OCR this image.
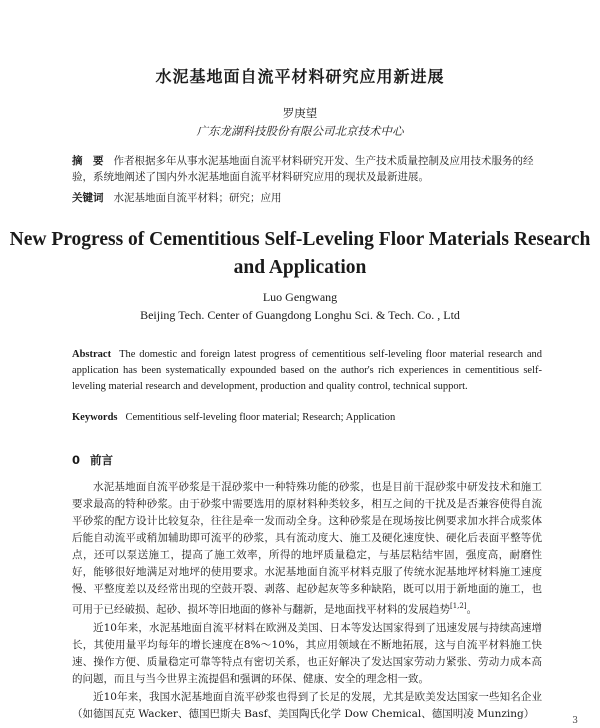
水泥基地面自流平材料研究应用新进展
罗庚望
广东龙湖科技股份有限公司北京技术中心
摘　要 作者根据多年从事水泥基地面自流平材料研究开发、生产技术质量控制及应用技术服务的经验，系统地阐述了国内外水泥基地面自流平材料研究应用的现状及最新进展。
关键词 水泥基地面自流平材料；研究；应用
New Progress of Cementitious Self-Leveling Floor Materials Research and Application
Luo Gengwang
Beijing Tech. Center of Guangdong Longhu Sci. & Tech. Co. , Ltd
Abstract The domestic and foreign latest progress of cementitious self-leveling floor material research and application has been systematically expounded based on the author's rich experiences in cementitious self-leveling material research and development, production and quality control, technical support.
Keywords Cementitious self-leveling floor material; Research; Application
0 前言
水泥基地面自流平砂浆是干混砂浆中一种特殊功能的砂浆，也是目前干混砂浆中研发技术和施工要求最高的特种砂浆。由于砂浆中需要选用的原材料种类较多，相互之间的干扰及是否兼容使得自流平砂浆的配方设计比较复杂，往往是牵一发而动全身。这种砂浆是在现场按比例要求加水拌合成浆体后能自动流平或稍加辅助即可流平的砂浆，具有流动度大、施工及硬化速度快、硬化后表面平整等优点，还可以泵送施工，提高了施工效率，所得的地坪质量稳定，与基层粘结牢固，强度高，耐磨性好，能够很好地满足对地坪的使用要求。水泥基地面自流平材料克服了传统水泥基地坪材料施工速度慢、平整度差以及经常出现的空鼓开裂、剥落、起砂起灰等多种缺陷，既可以用于新地面的施工，也可用于已经破损、起砂、损坏等旧地面的修补与翻新，是地面找平材料的发展趋势[1,2]。
近10年来，水泥基地面自流平材料在欧洲及美国、日本等发达国家得到了迅速发展与持续高速增长，其使用量平均每年的增长速度在8%～10%，其应用领域在不断地拓展，这与自流平材料施工快速、操作方便、质量稳定可靠等特点有密切关系，也正好解决了发达国家劳动力紧张、劳动力成本高的问题，而且与当今世界主流提倡和强调的环保、健康、安全的理念相一致。
近10年来，我国水泥基地面自流平砂浆也得到了长足的发展，尤其是欧美发达国家一些知名企业（如德国瓦克 Wacker、德国巴斯夫 Basf、美国陶氏化学 Dow Chemical、德国明凌 Munzing）
3
